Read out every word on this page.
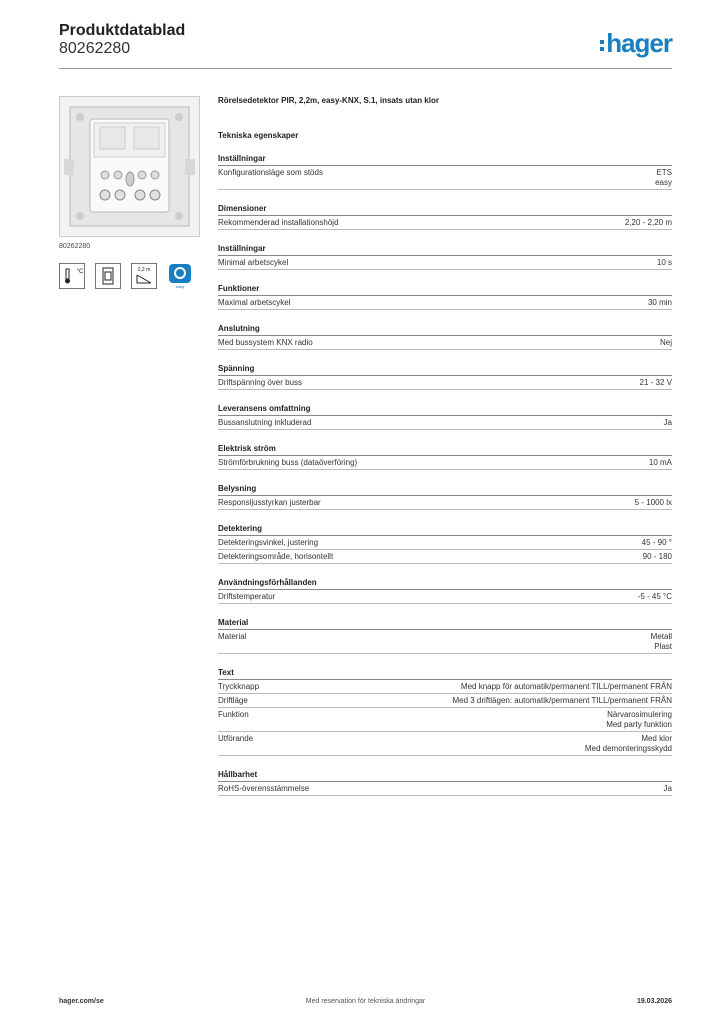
Produktdatablad
80262280	hager
80262280
°C	2,2 m
easy
Rörelsedetektor PIR, 2,2m, easy-KNX, S.1, insats utan klor
Tekniska egenskaper
Inställningar
Konfigurationsläge som stöds	ETS
easy
Dimensioner
Rekommenderad installationshöjd	2,20 - 2,20 m
Inställningar
Minimal arbetscykel	10 s
Funktioner
Maximal arbetscykel	30 min
Anslutning
Med bussystem KNX radio	Nej
Spänning
Driftspänning över buss	21 - 32 V
Leveransens omfattning
Bussanslutning inkluderad	Ja
Elektrisk ström
Strömförbrukning buss (dataöverföring)	10 mA
Belysning
Responsljusstyrkan justerbar	5 - 1000 lx
Detektering
Detekteringsvinkel, justering	45 - 90 °
Detekteringsområde, horisontellt	90 - 180
Användningsförhållanden
Driftstemperatur	-5 - 45 °C
Material
Material	Metall
Plast
Text
Tryckknapp	Med knapp för automatik/permanent TILL/permanent FRÅN
Driftläge	Med 3 driftlägen: automatik/permanent TILL/permanent FRÅN
Funktion	Närvarosimulering
Med party funktion
Utförande	Med klor
Med demonteringsskydd
Hållbarhet
RoHS-överensstämmelse	Ja
hager.com/se	Med reservation för tekniska ändringar	19.03.2026
